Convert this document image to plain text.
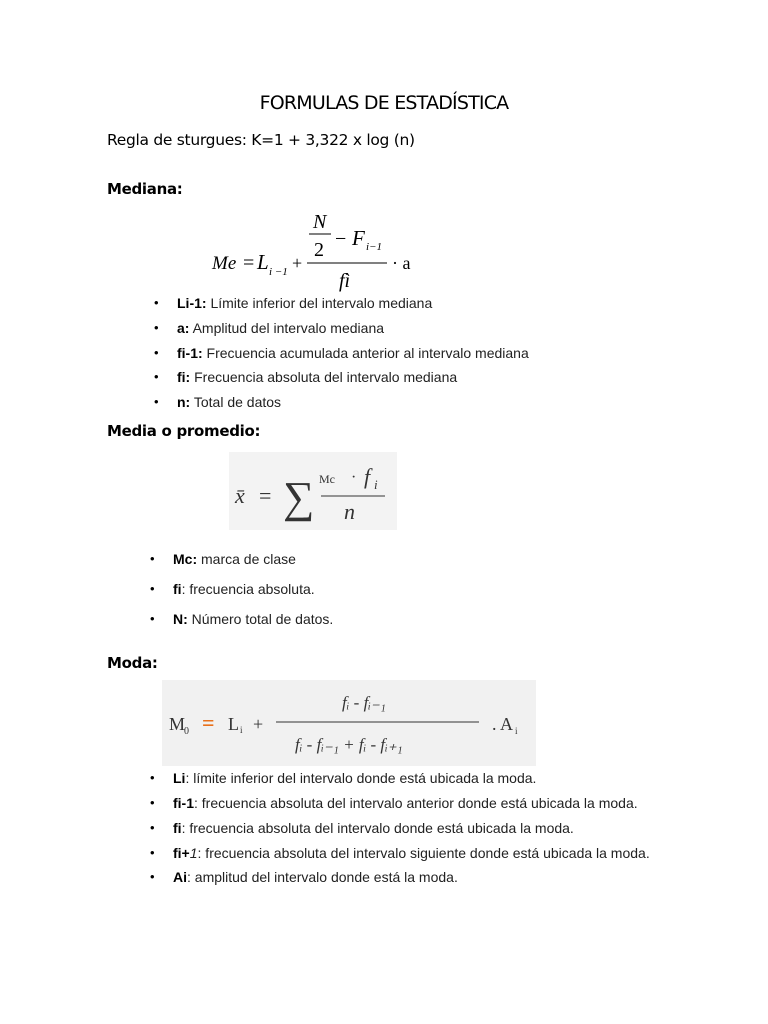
FORMULAS DE ESTADÍSTICA
Regla de sturgues: K=1 + 3,322 x log (n)
Mediana:
Me = L i −1 +
N
2 − F i−1
fì
· a
• Li-1: Límite inferior del intervalo mediana
• a: Amplitud del intervalo mediana
• fi-1: Frecuencia acumulada anterior al intervalo mediana
• fi: Frecuencia absoluta del intervalo mediana
• n: Total de datos
Media o promedio:
x̄ = ∑ Mc · f i
n
• Mc: marca de clase
• fi: frecuencia absoluta.
• N: Número total de datos.
Moda:
M
0 = L i +
fᵢ - fᵢ₋₁
fᵢ - fᵢ₋₁ + fᵢ - fᵢ₊₁
. A i
• Li: límite inferior del intervalo donde está ubicada la moda.
• fi-1: frecuencia absoluta del intervalo anterior donde está ubicada la moda.
• fi: frecuencia absoluta del intervalo donde está ubicada la moda.
• fi+1: frecuencia absoluta del intervalo siguiente donde está ubicada la moda.
• Ai: amplitud del intervalo donde está la moda.
